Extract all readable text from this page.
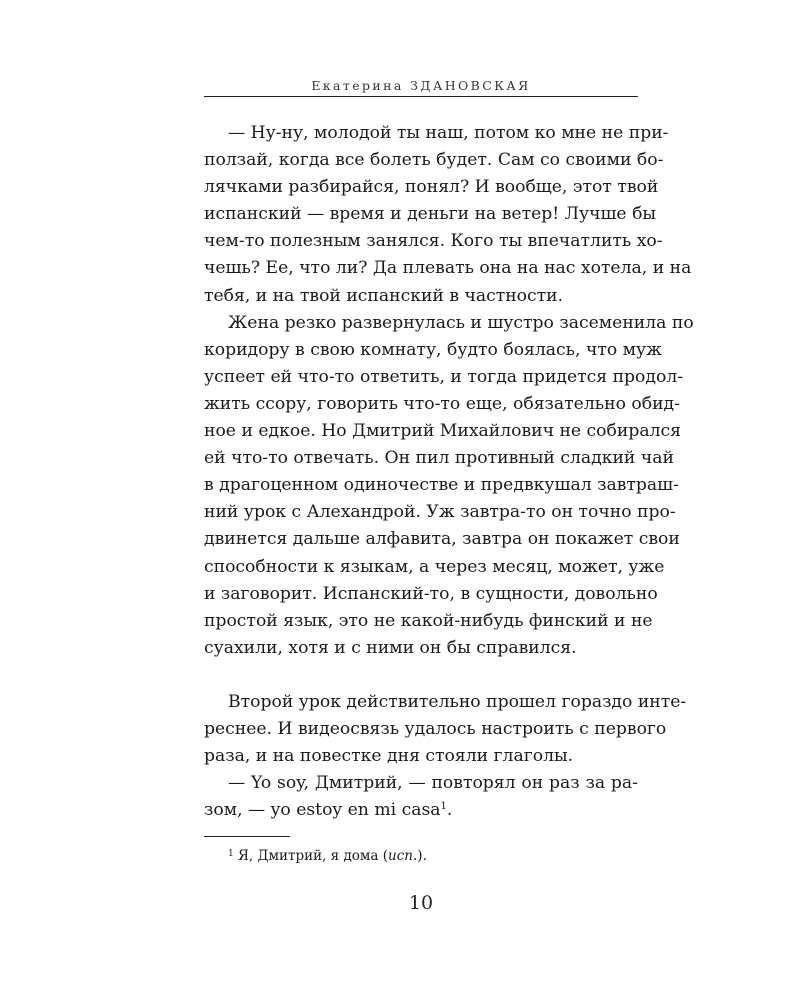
Екатерина ЗДАНОВСКАЯ
— Ну-ну, молодой ты наш, потом ко мне не при-
ползай, когда все болеть будет. Сам со своими бо-
лячками разбирайся, понял? И вообще, этот твой
испанский — время и деньги на ветер! Лучше бы
чем-то полезным занялся. Кого ты впечатлить хо-
чешь? Ее, что ли? Да плевать она на нас хотела, и на
тебя, и на твой испанский в частности.
Жена резко развернулась и шустро засеменила по
коридору в свою комнату, будто боялась, что муж
успеет ей что-то ответить, и тогда придется продол-
жить ссору, говорить что-то еще, обязательно обид-
ное и едкое. Но Дмитрий Михайлович не собирался
ей что-то отвечать. Он пил противный сладкий чай
в драгоценном одиночестве и предвкушал завтраш-
ний урок с Алехандрой. Уж завтра-то он точно про-
двинется дальше алфавита, завтра он покажет свои
способности к языкам, а через месяц, может, уже
и заговорит. Испанский-то, в сущности, довольно
простой язык, это не какой-нибудь финский и не
суахили, хотя и с ними он бы справился.
Второй урок действительно прошел гораздо инте-
реснее. И видеосвязь удалось настроить с первого
раза, и на повестке дня стояли глаголы.
— Yo soy, Дмитрий, — повторял он раз за ра-
зом, — yo estoy en mi casa$^1$.
$^1$ Я, Дмитрий, я дома (исп.).
10
